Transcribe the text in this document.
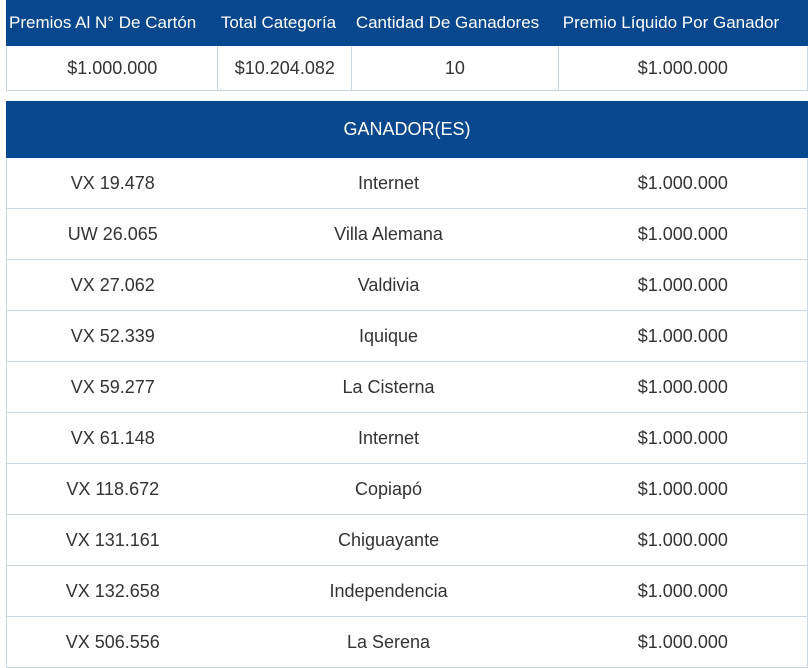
Premios Al N° De Cartón	Total Categoría	Cantidad De Ganadores	Premio Líquido Por Ganador
$1.000.000	$10.204.082	10	$1.000.000
GANADOR(ES)
VX 19.478	Internet	$1.000.000
UW 26.065	Villa Alemana	$1.000.000
VX 27.062	Valdivia	$1.000.000
VX 52.339	Iquique	$1.000.000
VX 59.277	La Cisterna	$1.000.000
VX 61.148	Internet	$1.000.000
VX 118.672	Copiapó	$1.000.000
VX 131.161	Chiguayante	$1.000.000
VX 132.658	Independencia	$1.000.000
VX 506.556	La Serena	$1.000.000
